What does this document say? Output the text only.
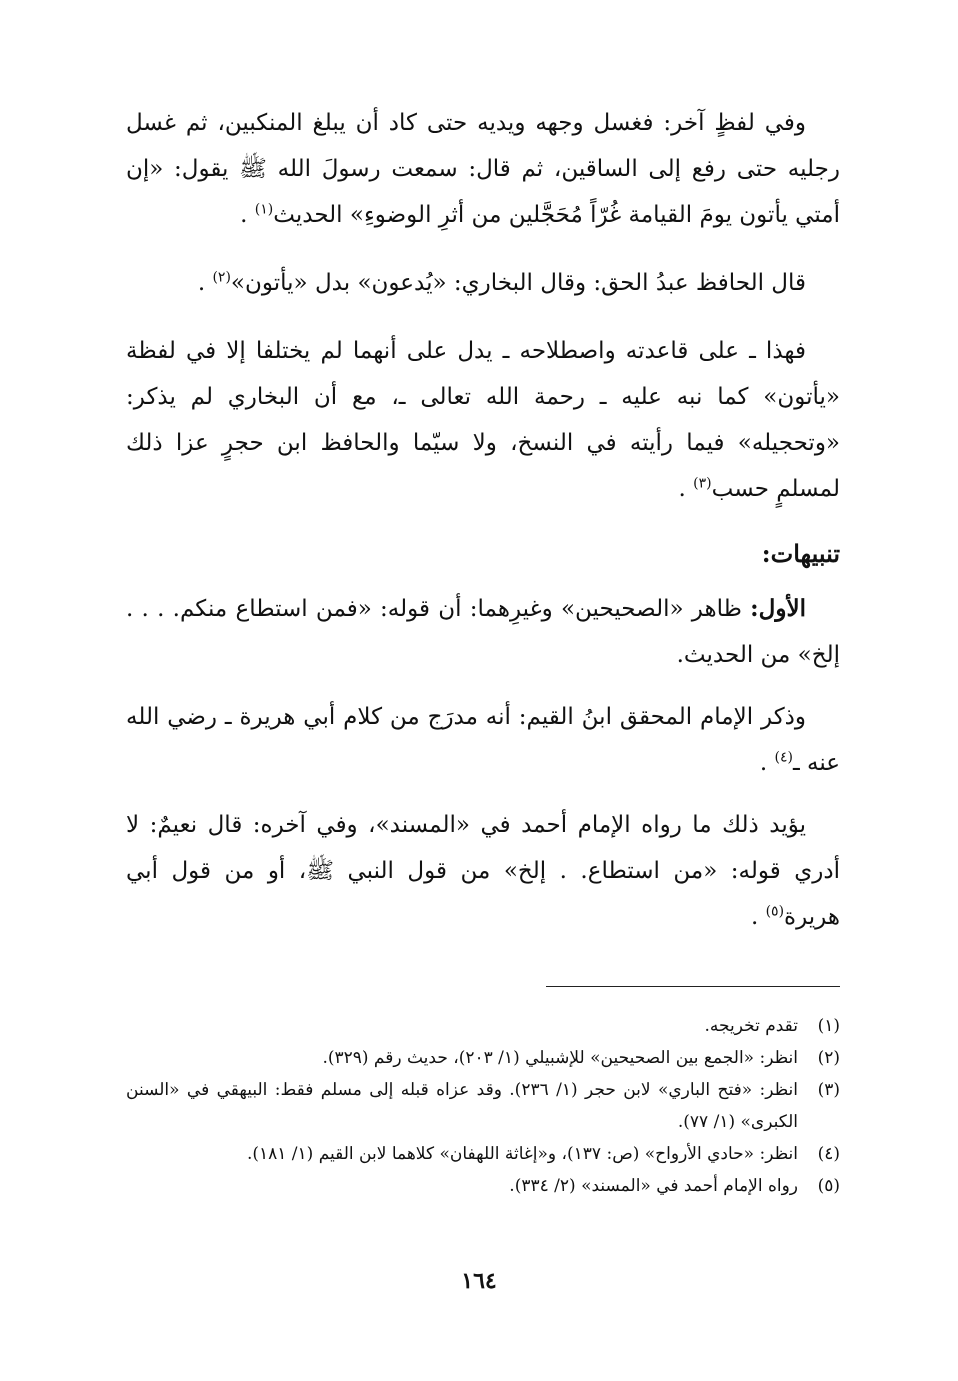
وفي لفظٍ آخر: فغسل وجهه ويديه حتى كاد أن يبلغ المنكبين، ثم غسل رجليه حتى رفع إلى الساقين، ثم قال: سمعت رسولَ الله ﷺ يقول: «إن أمتي يأتون يومَ القيامة غُرّاً مُحَجَّلين من أثرِ الوضوءِ» الحديث$^{(١)}$ .

قال الحافظ عبدُ الحق: وقال البخاري: «يُدعون» بدل «يأتون»$^{(٢)}$ .

فهذا ـ على قاعدته واصطلاحه ـ يدل على أنهما لم يختلفا إلا في لفظة «يأتون» كما نبه عليه ـ رحمة الله تعالى ـ، مع أن البخاري لم يذكر: «وتحجيله» فيما رأيته في النسخ، ولا سيّما والحافظ ابن حجرٍ عزا ذلك لمسلمٍ حسب$^{(٣)}$ .

تنبيهات:

الأول: ظاهر «الصحيحين» وغيرِهما: أن قوله: «فمن استطاع منكم. . . . إلخ» من الحديث.

وذكر الإمام المحقق ابنُ القيم: أنه مدرَج من كلام أبي هريرة ـ رضي الله عنه ـ$^{(٤)}$ .

يؤيد ذلك ما رواه الإمام أحمد في «المسند»، وفي آخره: قال نعيمٌ: لا أدري قوله: «من استطاع. . إلخ» من قول النبي ﷺ، أو من قول أبي هريرة$^{(٥)}$ .

(١)
تقدم تخريجه.
(٢)
انظر: «الجمع بين الصحيحين» للإشبيلي (١/ ٢٠٣)، حديث رقم (٣٢٩).
(٣)
انظر: «فتح الباري» لابن حجر (١/ ٢٣٦). وقد عزاه قبله إلى مسلم فقط: البيهقي في «السنن الكبرى» (١/ ٧٧).
(٤)
انظر: «حادي الأرواح» (ص: ١٣٧)، و«إغاثة اللهفان» كلاهما لابن القيم (١/ ١٨١).
(٥)
رواه الإمام أحمد في «المسند» (٢/ ٣٣٤).
١٦٤
